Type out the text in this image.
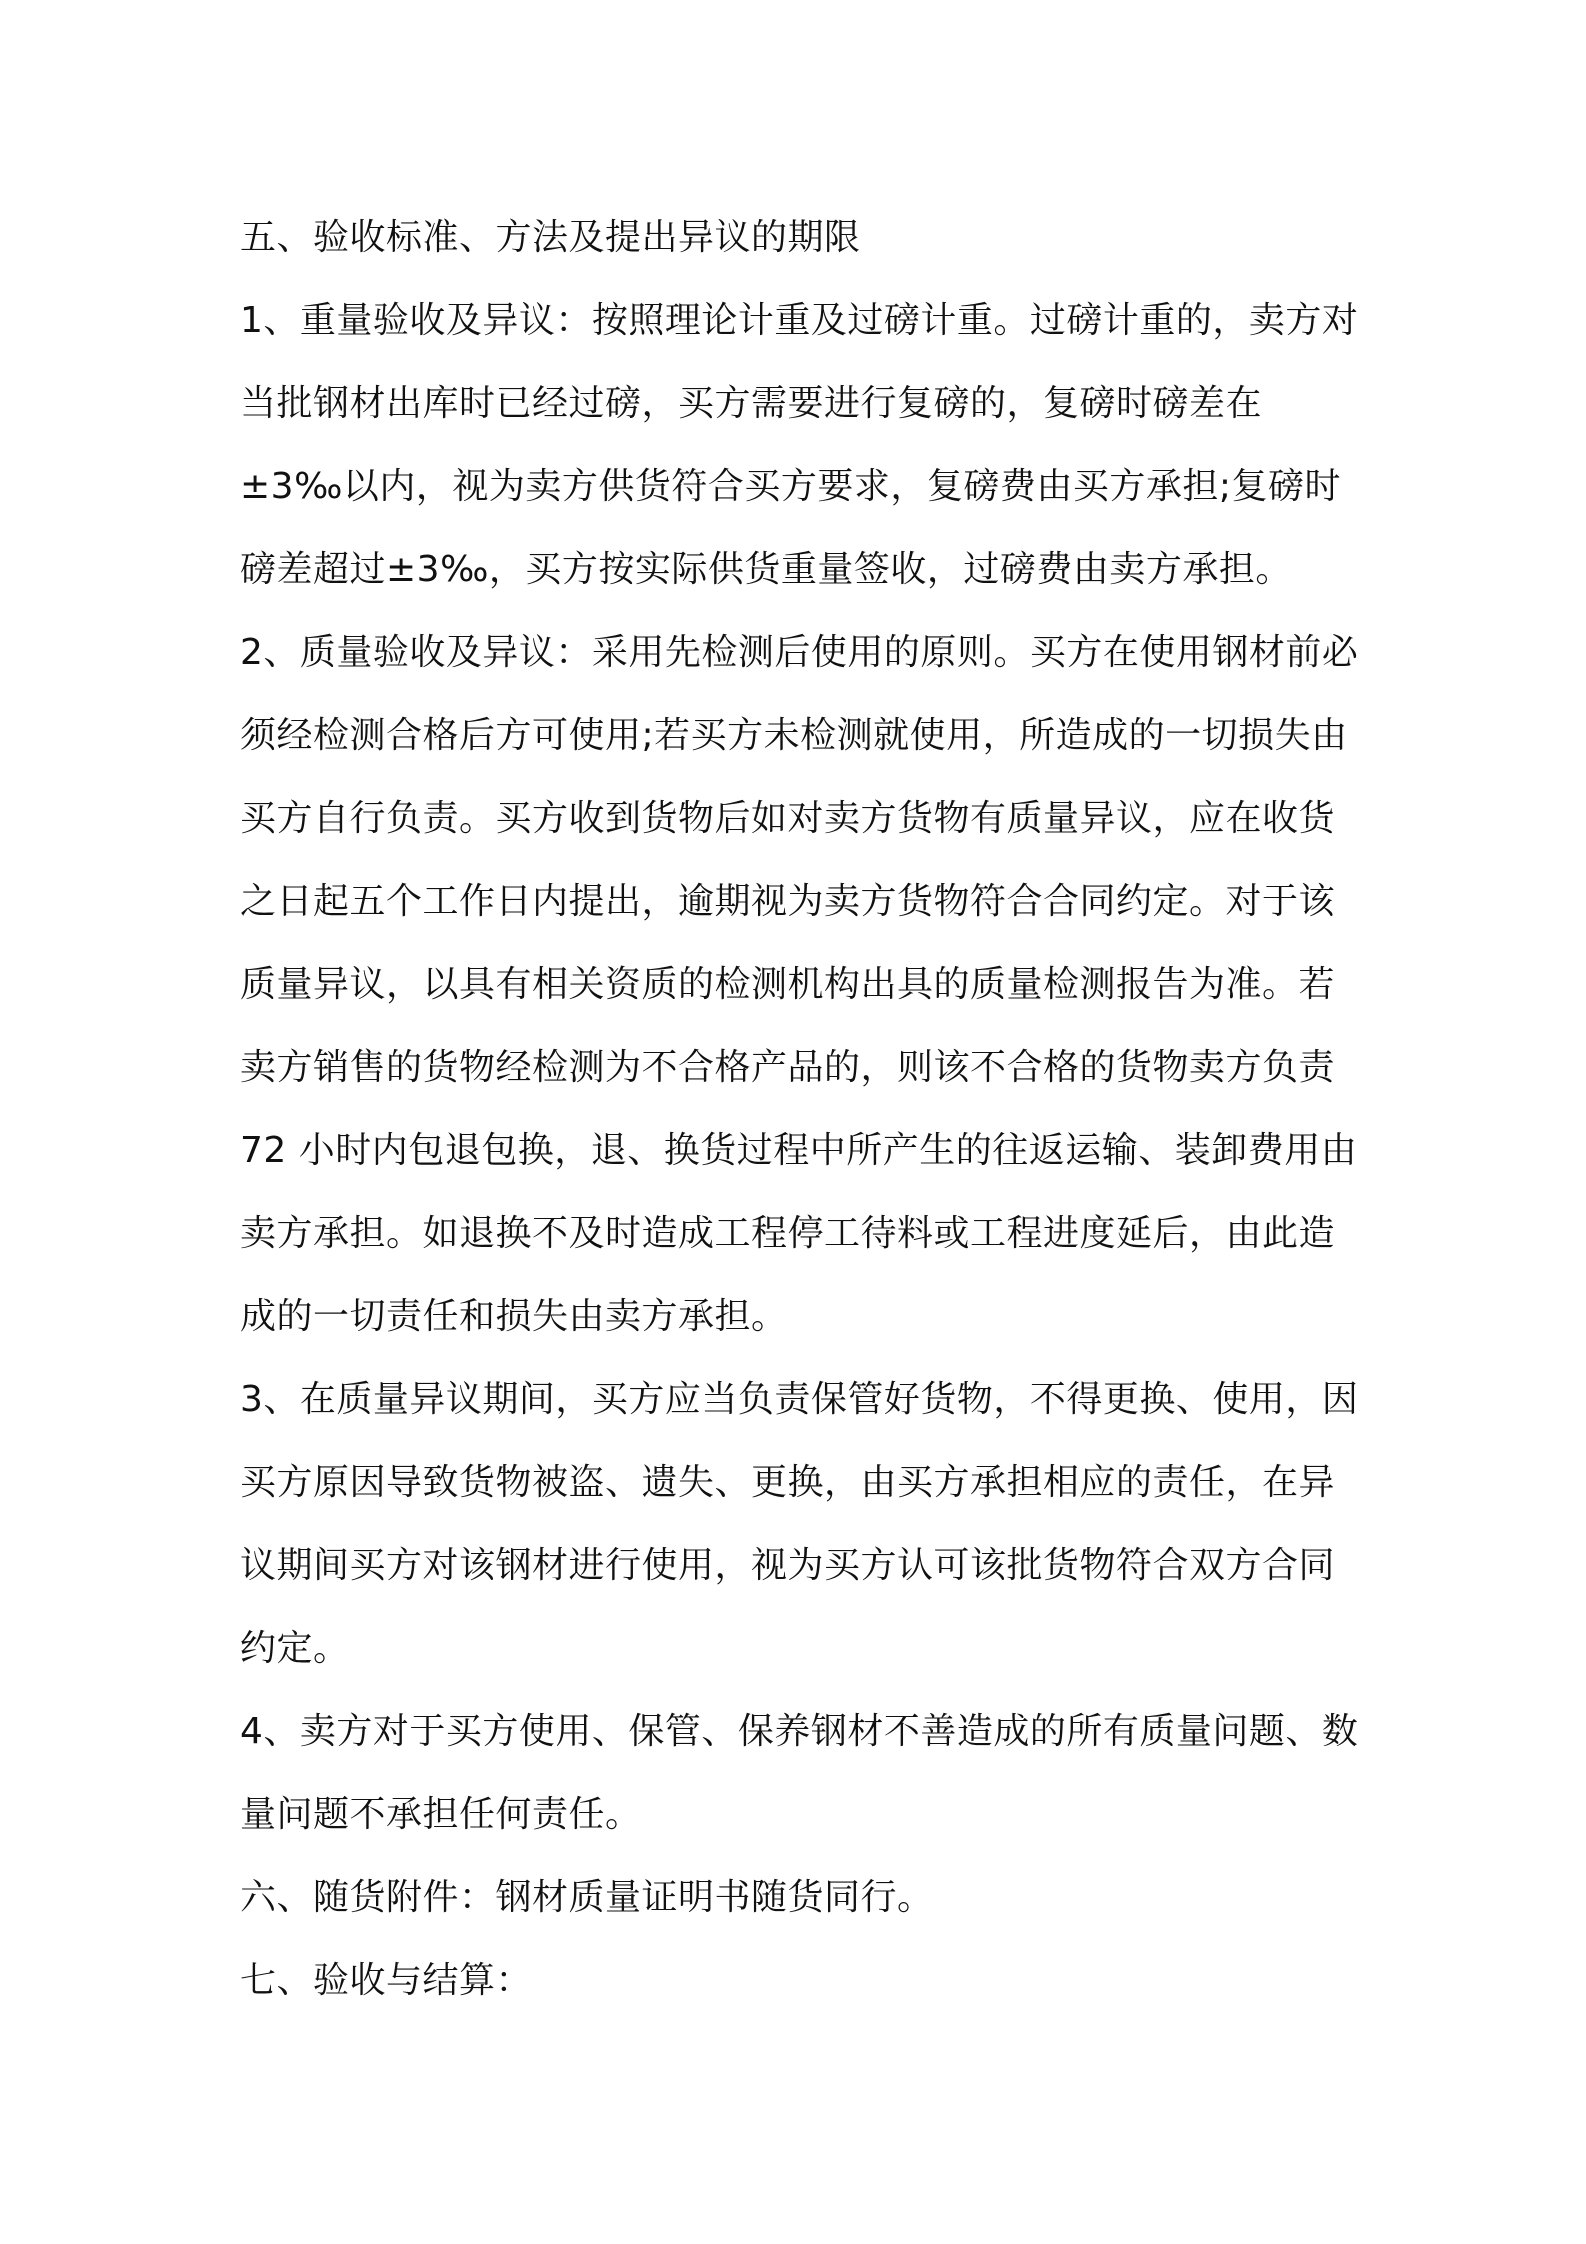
五、验收标准、方法及提出异议的期限

1、重量验收及异议：按照理论计重及过磅计重。过磅计重的，卖方对当批钢材出库时已经过磅，买方需要进行复磅的，复磅时磅差在±3‰以内，视为卖方供货符合买方要求，复磅费由买方承担;复磅时磅差超过±3‰，买方按实际供货重量签收，过磅费由卖方承担。

2、质量验收及异议：采用先检测后使用的原则。买方在使用钢材前必须经检测合格后方可使用;若买方未检测就使用，所造成的一切损失由买方自行负责。买方收到货物后如对卖方货物有质量异议，应在收货之日起五个工作日内提出，逾期视为卖方货物符合合同约定。对于该质量异议，以具有相关资质的检测机构出具的质量检测报告为准。若卖方销售的货物经检测为不合格产品的，则该不合格的货物卖方负责 72 小时内包退包换，退、换货过程中所产生的往返运输、装卸费用由卖方承担。如退换不及时造成工程停工待料或工程进度延后，由此造成的一切责任和损失由卖方承担。

3、在质量异议期间，买方应当负责保管好货物，不得更换、使用，因买方原因导致货物被盗、遗失、更换，由买方承担相应的责任，在异议期间买方对该钢材进行使用，视为买方认可该批货物符合双方合同约定。

4、卖方对于买方使用、保管、保养钢材不善造成的所有质量问题、数量问题不承担任何责任。

六、随货附件：钢材质量证明书随货同行。

七、验收与结算：
